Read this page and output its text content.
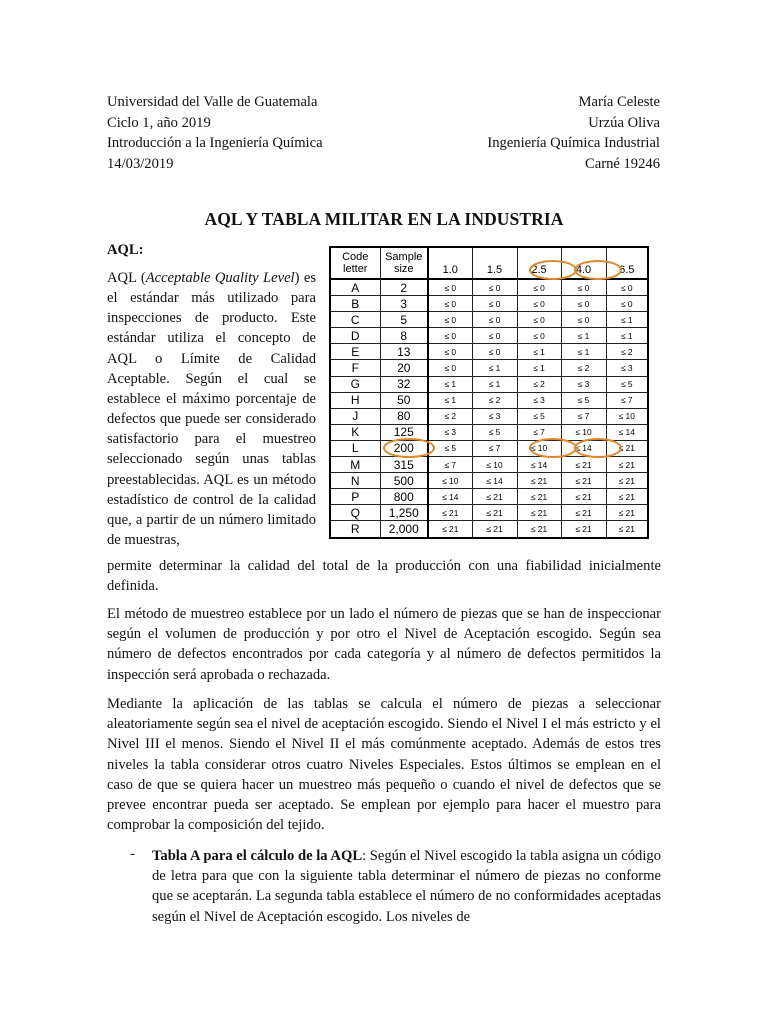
Universidad del Valle de Guatemala
Ciclo 1, año 2019
Introducción a la Ingeniería Química
14/03/2019
María Celeste
Urzúa Oliva
Ingeniería Química Industrial
Carné 19246
AQL Y TABLA MILITAR EN LA INDUSTRIA
AQL:

AQL (Acceptable Quality Level) es el estándar más utilizado para inspecciones de producto. Este estándar utiliza el concepto de AQL o Límite de Calidad Aceptable. Según el cual se establece el máximo porcentaje de defectos que puede ser considerado satisfactorio para el muestreo seleccionado según unas tablas preestablecidas. AQL es un método estadístico de control de la calidad que, a partir de un número limitado de muestras,

permite determinar la calidad del total de la producción con una fiabilidad inicialmente definida.

Code letter	Sample size	1.0	1.5	2.5	4.0	6.5
A	2	≤ 0	≤ 0	≤ 0	≤ 0	≤ 0
B	3	≤ 0	≤ 0	≤ 0	≤ 0	≤ 0
C	5	≤ 0	≤ 0	≤ 0	≤ 0	≤ 1
D	8	≤ 0	≤ 0	≤ 0	≤ 1	≤ 1
E	13	≤ 0	≤ 0	≤ 1	≤ 1	≤ 2
F	20	≤ 0	≤ 1	≤ 1	≤ 2	≤ 3
G	32	≤ 1	≤ 1	≤ 2	≤ 3	≤ 5
H	50	≤ 1	≤ 2	≤ 3	≤ 5	≤ 7
J	80	≤ 2	≤ 3	≤ 5	≤ 7	≤ 10
K	125	≤ 3	≤ 5	≤ 7	≤ 10	≤ 14
L	200	≤ 5	≤ 7	≤ 10	≤ 14	≤ 21
M	315	≤ 7	≤ 10	≤ 14	≤ 21	≤ 21
N	500	≤ 10	≤ 14	≤ 21	≤ 21	≤ 21
P	800	≤ 14	≤ 21	≤ 21	≤ 21	≤ 21
Q	1,250	≤ 21	≤ 21	≤ 21	≤ 21	≤ 21
R	2,000	≤ 21	≤ 21	≤ 21	≤ 21	≤ 21

El método de muestreo establece por un lado el número de piezas que se han de inspeccionar según el volumen de producción y por otro el Nivel de Aceptación escogido. Según sea número de defectos encontrados por cada categoría y al número de defectos permitidos la inspección será aprobada o rechazada.

Mediante la aplicación de las tablas se calcula el número de piezas a seleccionar aleatoriamente según sea el nivel de aceptación escogido. Siendo el Nivel I el más estricto y el Nivel III el menos. Siendo el Nivel II el más comúnmente aceptado. Además de estos tres niveles la tabla considerar otros cuatro Niveles Especiales. Estos últimos se emplean en el caso de que se quiera hacer un muestreo más pequeño o cuando el nivel de defectos que se prevee encontrar pueda ser aceptado. Se emplean por ejemplo para hacer el muestro para comprobar la composición del tejido.

- Tabla A para el cálculo de la AQL: Según el Nivel escogido la tabla asigna un código de letra para que con la siguiente tabla determinar el número de piezas no conforme que se aceptarán. La segunda tabla establece el número de no conformidades aceptadas según el Nivel de Aceptación escogido. Los niveles de
